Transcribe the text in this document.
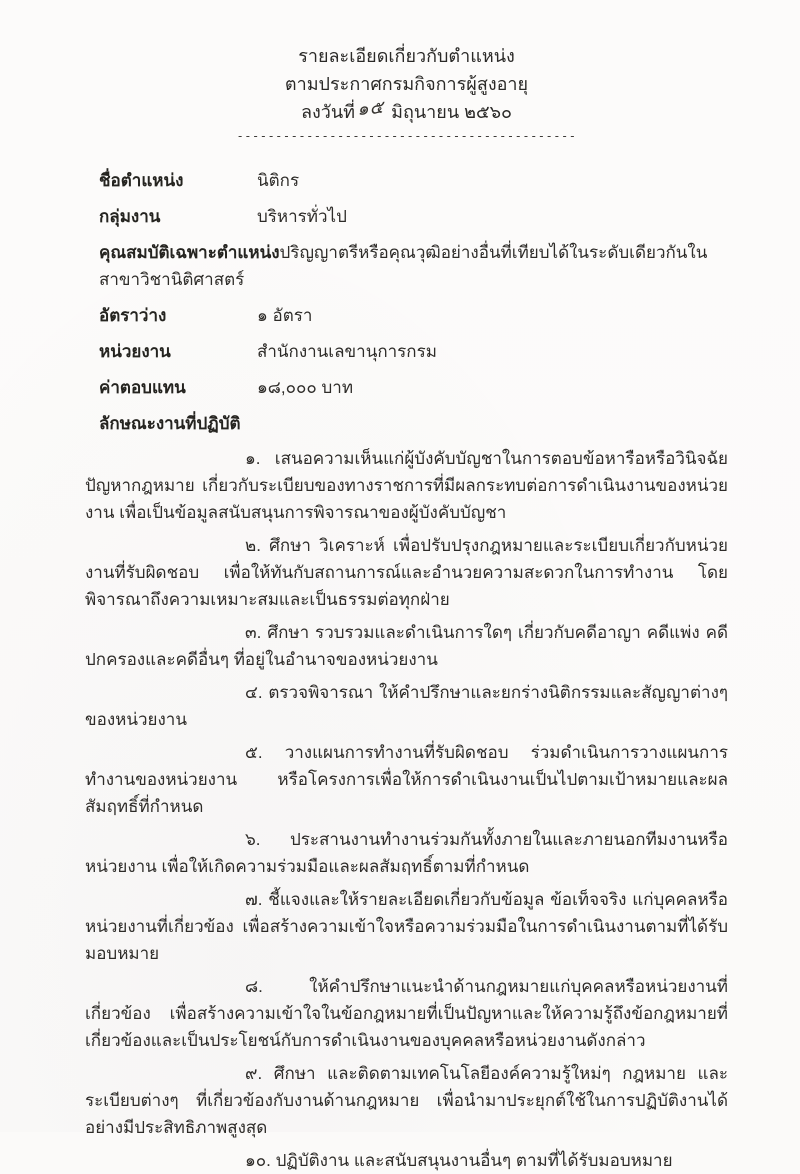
รายละเอียดเกี่ยวกับตำแหน่ง
ตามประกาศกรมกิจการผู้สูงอายุ
ลงวันที่๑๕ มิถุนายน ๒๕๖๐
--------------------------------------------
ชื่อตำแหน่ง	นิติกร
กลุ่มงาน	บริหารทั่วไป
คุณสมบัติเฉพาะตำแหน่งปริญญาตรีหรือคุณวุฒิอย่างอื่นที่เทียบได้ในระดับเดียวกันในสาขาวิชานิติศาสตร์
อัตราว่าง	๑ อัตรา
หน่วยงาน	สำนักงานเลขานุการกรม
ค่าตอบแทน	๑๘,๐๐๐ บาท
ลักษณะงานที่ปฏิบัติ

๑. เสนอความเห็นแก่ผู้บังคับบัญชาในการตอบข้อหารือหรือวินิจฉัยปัญหากฎหมาย เกี่ยวกับระเบียบของทางราชการที่มีผลกระทบต่อการดำเนินงานของหน่วยงาน เพื่อเป็นข้อมูลสนับสนุนการพิจารณาของผู้บังคับบัญชา

๒. ศึกษา วิเคราะห์ เพื่อปรับปรุงกฎหมายและระเบียบเกี่ยวกับหน่วยงานที่รับผิดชอบ เพื่อให้ทันกับสถานการณ์และอำนวยความสะดวกในการทำงาน โดยพิจารณาถึงความเหมาะสมและเป็นธรรมต่อทุกฝ่าย

๓. ศึกษา รวบรวมและดำเนินการใดๆ เกี่ยวกับคดีอาญา คดีแพ่ง คดีปกครองและคดีอื่นๆ ที่อยู่ในอำนาจของหน่วยงาน

๔. ตรวจพิจารณา ให้คำปรึกษาและยกร่างนิติกรรมและสัญญาต่างๆ ของหน่วยงาน

๕. วางแผนการทำงานที่รับผิดชอบ ร่วมดำเนินการวางแผนการทำงานของหน่วยงาน หรือโครงการเพื่อให้การดำเนินงานเป็นไปตามเป้าหมายและผลสัมฤทธิ์ที่กำหนด

๖. ประสานงานทำงานร่วมกันทั้งภายในและภายนอกทีมงานหรือหน่วยงาน เพื่อให้เกิดความร่วมมือและผลสัมฤทธิ์ตามที่กำหนด

๗. ชี้แจงและให้รายละเอียดเกี่ยวกับข้อมูล ข้อเท็จจริง แก่บุคคลหรือหน่วยงานที่เกี่ยวข้อง เพื่อสร้างความเข้าใจหรือความร่วมมือในการดำเนินงานตามที่ได้รับมอบหมาย

๘. ให้คำปรึกษาแนะนำด้านกฎหมายแก่บุคคลหรือหน่วยงานที่เกี่ยวข้อง เพื่อสร้างความเข้าใจในข้อกฎหมายที่เป็นปัญหาและให้ความรู้ถึงข้อกฎหมายที่เกี่ยวข้องและเป็นประโยชน์กับการดำเนินงานของบุคคลหรือหน่วยงานดังกล่าว

๙. ศึกษา และติดตามเทคโนโลยีองค์ความรู้ใหม่ๆ กฎหมาย และระเบียบต่างๆ ที่เกี่ยวข้องกับงานด้านกฎหมาย เพื่อนำมาประยุกต์ใช้ในการปฏิบัติงานได้อย่างมีประสิทธิภาพสูงสุด

๑๐. ปฏิบัติงาน และสนับสนุนงานอื่นๆ ตามที่ได้รับมอบหมาย
